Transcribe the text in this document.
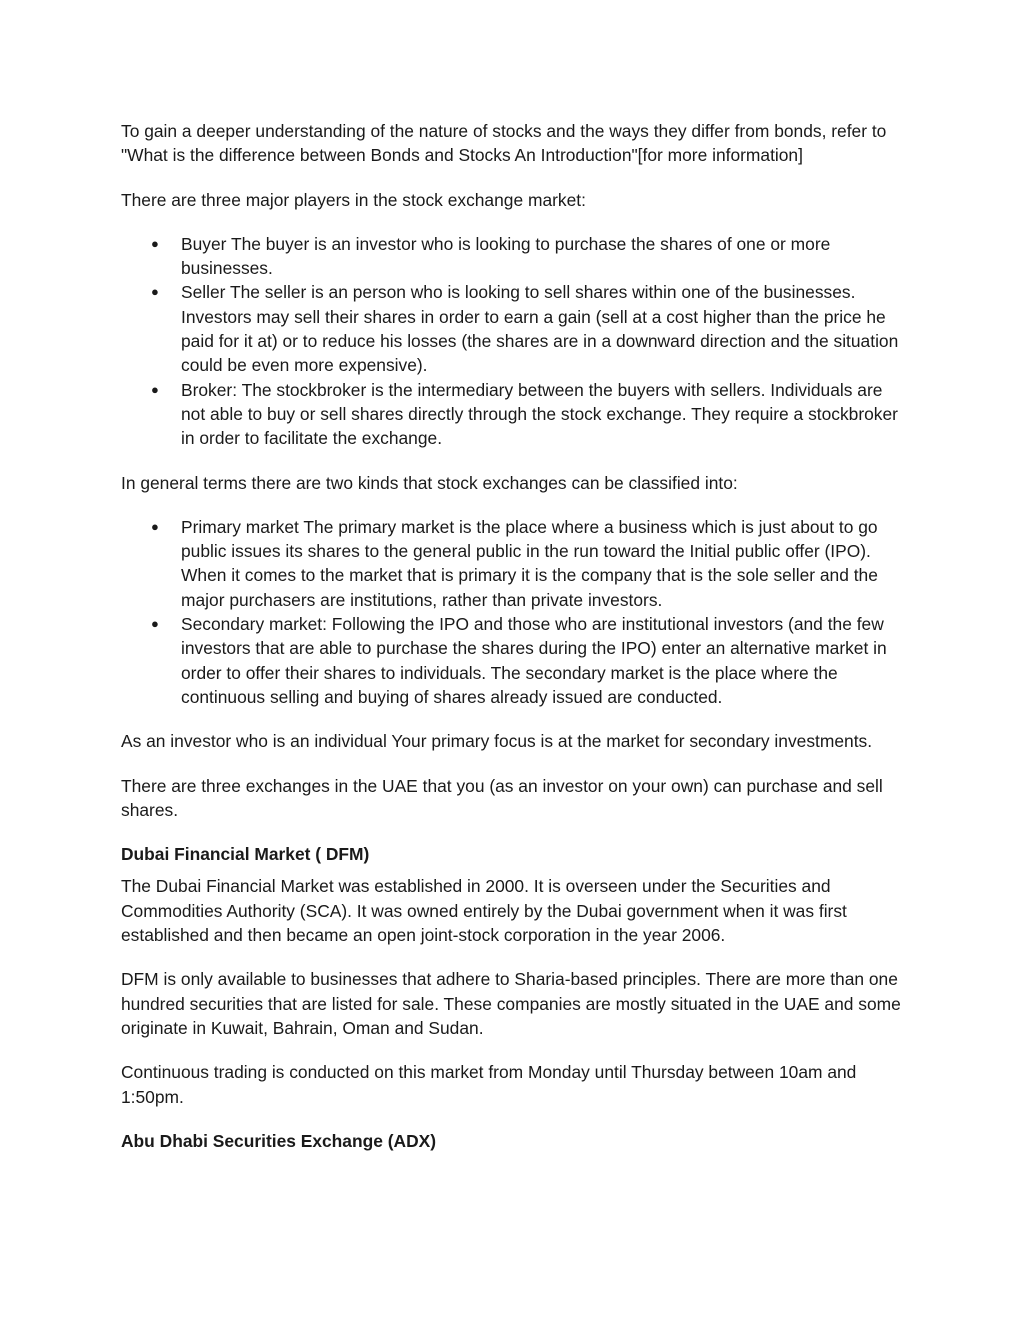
To gain a deeper understanding of the nature of stocks and the ways they differ from bonds, refer to "What is the difference between Bonds and Stocks An Introduction"[for more information]

There are three major players in the stock exchange market:

● Buyer The buyer is an investor who is looking to purchase the shares of one or more businesses.
● Seller The seller is an person who is looking to sell shares within one of the businesses. Investors may sell their shares in order to earn a gain (sell at a cost higher than the price he paid for it at) or to reduce his losses (the shares are in a downward direction and the situation could be even more expensive).
● Broker: The stockbroker is the intermediary between the buyers with sellers. Individuals are not able to buy or sell shares directly through the stock exchange. They require a stockbroker in order to facilitate the exchange.

In general terms there are two kinds that stock exchanges can be classified into:

● Primary market The primary market is the place where a business which is just about to go public issues its shares to the general public in the run toward the Initial public offer (IPO). When it comes to the market that is primary it is the company that is the sole seller and the major purchasers are institutions, rather than private investors.
● Secondary market: Following the IPO and those who are institutional investors (and the few investors that are able to purchase the shares during the IPO) enter an alternative market in order to offer their shares to individuals. The secondary market is the place where the continuous selling and buying of shares already issued are conducted.

As an investor who is an individual Your primary focus is at the market for secondary investments.

There are three exchanges in the UAE that you (as an investor on your own) can purchase and sell shares.

Dubai Financial Market ( DFM)

The Dubai Financial Market was established in 2000. It is overseen under the Securities and Commodities Authority (SCA). It was owned entirely by the Dubai government when it was first established and then became an open joint-stock corporation in the year 2006.

DFM is only available to businesses that adhere to Sharia-based principles. There are more than one hundred securities that are listed for sale. These companies are mostly situated in the UAE and some originate in Kuwait, Bahrain, Oman and Sudan.

Continuous trading is conducted on this market from Monday until Thursday between 10am and 1:50pm.

Abu Dhabi Securities Exchange (ADX)
